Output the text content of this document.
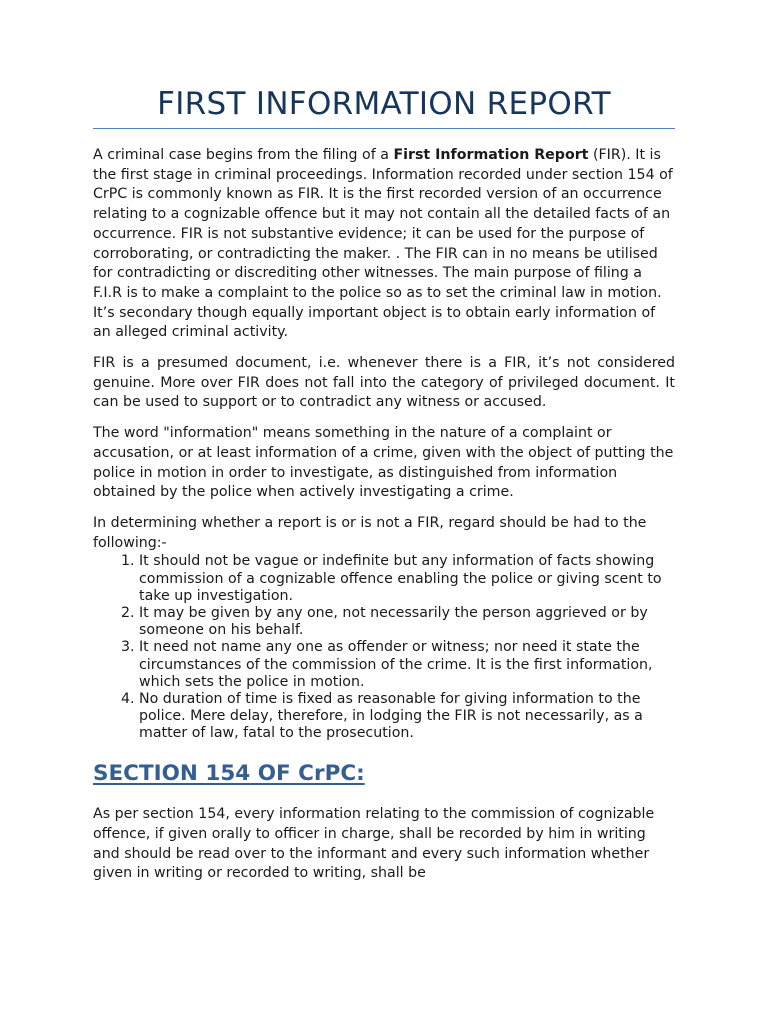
FIRST INFORMATION REPORT

A criminal case begins from the filing of a First Information Report (FIR). It is the first stage in criminal proceedings. Information recorded under section 154 of CrPC is commonly known as FIR. It is the first recorded version of an occurrence relating to a cognizable offence but it may not contain all the detailed facts of an occurrence. FIR is not substantive evidence; it can be used for the purpose of corroborating, or contradicting the maker. . The FIR can in no means be utilised for contradicting or discrediting other witnesses. The main purpose of filing a F.I.R is to make a complaint to the police so as to set the criminal law in motion. It’s secondary though equally important object is to obtain early information of an alleged criminal activity.

FIR is a presumed document, i.e. whenever there is a FIR, it’s not considered genuine. More over FIR does not fall into the category of privileged document. It can be used to support or to contradict any witness or accused.

The word "information" means something in the nature of a complaint or accusation, or at least information of a crime, given with the object of putting the police in motion in order to investigate, as distinguished from information obtained by the police when actively investigating a crime.

In determining whether a report is or is not a FIR, regard should be had to the following:-

1. It should not be vague or indefinite but any information of facts showing commission of a cognizable offence enabling the police or giving scent to take up investigation.
2. It may be given by any one, not necessarily the person aggrieved or by someone on his behalf.
3. It need not name any one as offender or witness; nor need it state the circumstances of the commission of the crime. It is the first information, which sets the police in motion.
4. No duration of time is fixed as reasonable for giving information to the police. Mere delay, therefore, in lodging the FIR is not necessarily, as a matter of law, fatal to the prosecution.
SECTION 154 OF CrPC:

As per section 154, every information relating to the commission of cognizable offence, if given orally to officer in charge, shall be recorded by him in writing and should be read over to the informant and every such information whether given in writing or recorded to writing, shall be
